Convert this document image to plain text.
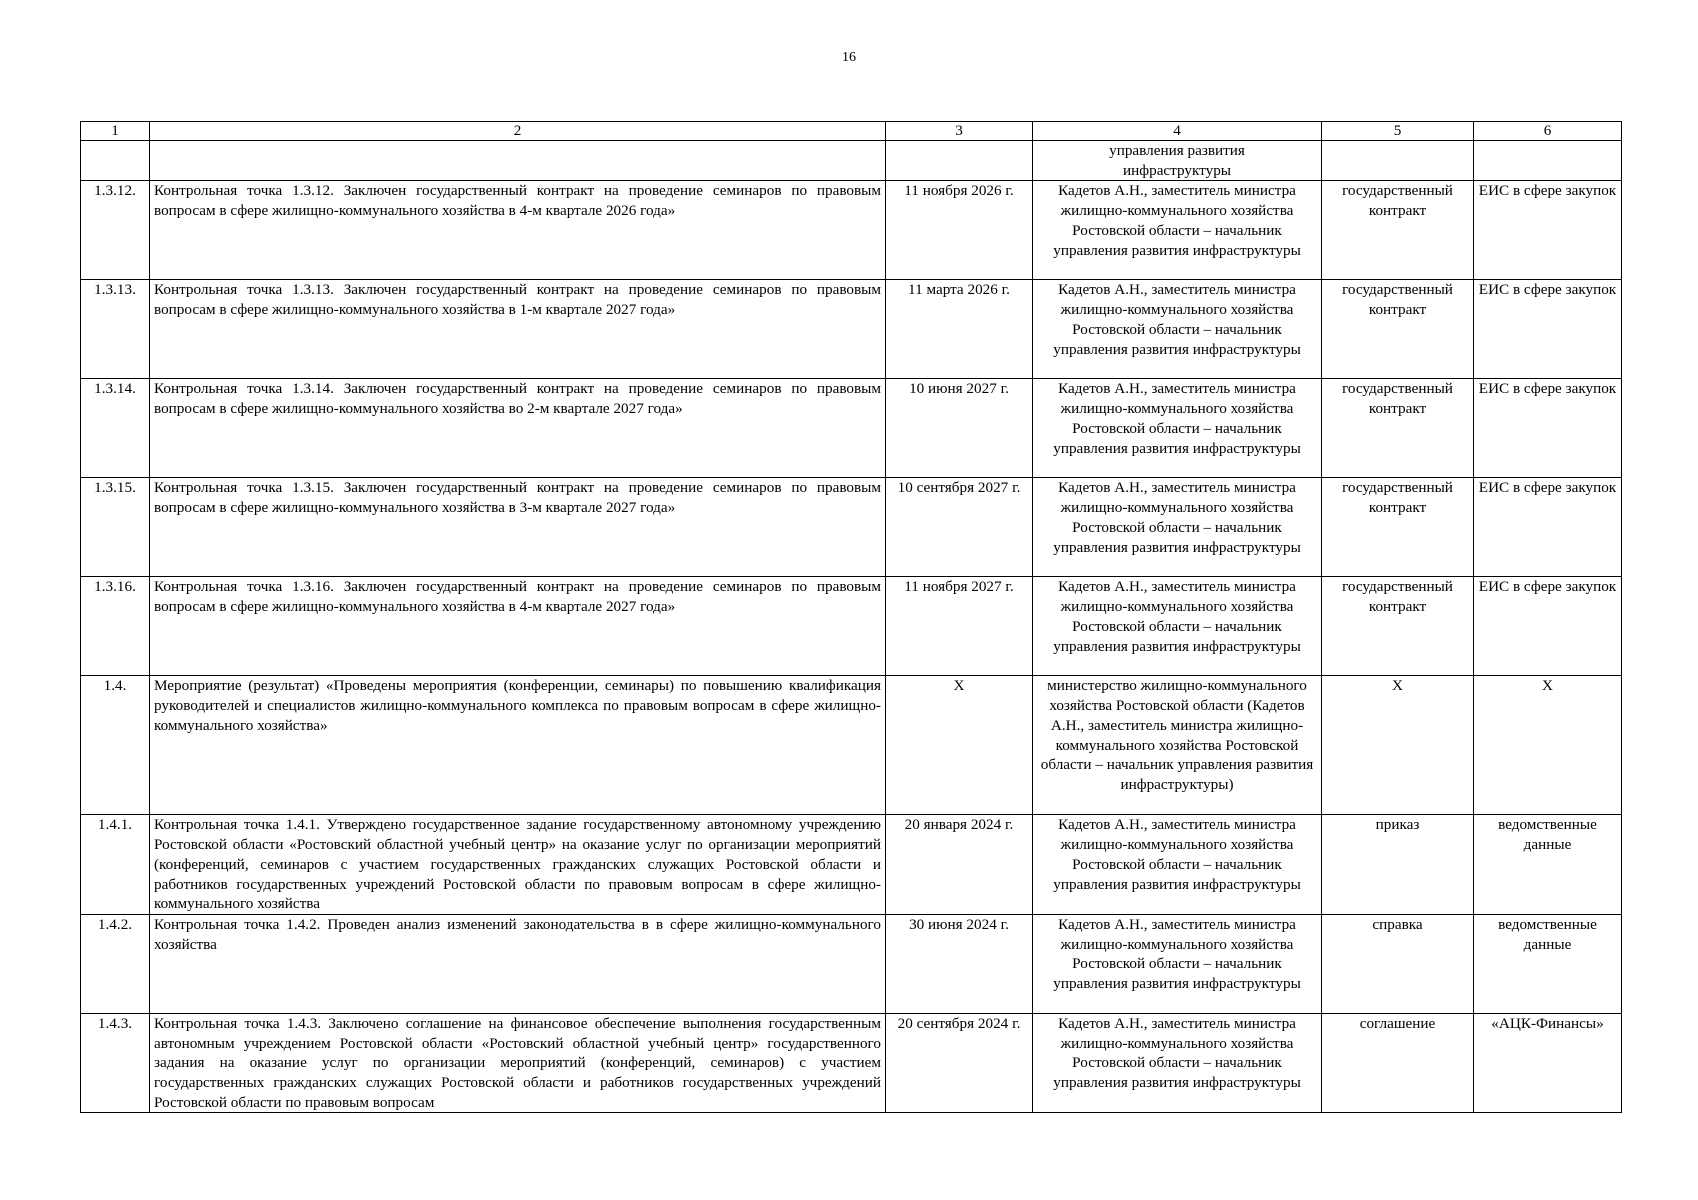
16
1	2	3	4	5	6
			управления развития
инфраструктуры		
1.3.12.	Контрольная точка 1.3.12. Заключен государственный контракт на проведение семинаров по правовым вопросам в сфере жилищно-коммунального хозяйства в 4-м квартале 2026 года»	11 ноября 2026 г.	Кадетов А.Н., заместитель министра жилищно-коммунального хозяйства Ростовской области – начальник управления развития инфраструктуры	государственный контракт	ЕИС в сфере закупок
1.3.13.	Контрольная точка 1.3.13. Заключен государственный контракт на проведение семинаров по правовым вопросам в сфере жилищно-коммунального хозяйства в 1-м квартале 2027 года»	11 марта 2026 г.	Кадетов А.Н., заместитель министра жилищно-коммунального хозяйства Ростовской области – начальник управления развития инфраструктуры	государственный контракт	ЕИС в сфере закупок
1.3.14.	Контрольная точка 1.3.14. Заключен государственный контракт на проведение семинаров по правовым вопросам в сфере жилищно-коммунального хозяйства во 2-м квартале 2027 года»	10 июня 2027 г.	Кадетов А.Н., заместитель министра жилищно-коммунального хозяйства Ростовской области – начальник управления развития инфраструктуры	государственный контракт	ЕИС в сфере закупок
1.3.15.	Контрольная точка 1.3.15. Заключен государственный контракт на проведение семинаров по правовым вопросам в сфере жилищно-коммунального хозяйства в 3-м квартале 2027 года»	10 сентября 2027 г.	Кадетов А.Н., заместитель министра жилищно-коммунального хозяйства Ростовской области – начальник управления развития инфраструктуры	государственный контракт	ЕИС в сфере закупок
1.3.16.	Контрольная точка 1.3.16. Заключен государственный контракт на проведение семинаров по правовым вопросам в сфере жилищно-коммунального хозяйства в 4-м квартале 2027 года»	11 ноября 2027 г.	Кадетов А.Н., заместитель министра жилищно-коммунального хозяйства Ростовской области – начальник управления развития инфраструктуры	государственный контракт	ЕИС в сфере закупок
1.4.	Мероприятие (результат) «Проведены мероприятия (конференции, семинары) по повышению квалификация руководителей и специалистов жилищно-коммунального комплекса по правовым вопросам в сфере жилищно-коммунального хозяйства»	X	министерство жилищно-коммунального хозяйства Ростовской области (Кадетов А.Н., заместитель министра жилищно-коммунального хозяйства Ростовской области – начальник управления развития инфраструктуры)	X	X
1.4.1.	Контрольная точка 1.4.1. Утверждено государственное задание государственному автономному учреждению Ростовской области «Ростовский областной учебный центр» на оказание услуг по организации мероприятий (конференций, семинаров с участием государственных гражданских служащих Ростовской области и работников государственных учреждений Ростовской области по правовым вопросам в сфере жилищно-коммунального хозяйства	20 января 2024 г.	Кадетов А.Н., заместитель министра жилищно-коммунального хозяйства Ростовской области – начальник управления развития инфраструктуры	приказ	ведомственные данные
1.4.2.	Контрольная точка 1.4.2. Проведен анализ изменений законодательства в в сфере жилищно-коммунального хозяйства	30 июня 2024 г.	Кадетов А.Н., заместитель министра жилищно-коммунального хозяйства Ростовской области – начальник управления развития инфраструктуры	справка	ведомственные данные
1.4.3.	Контрольная точка 1.4.3. Заключено соглашение на финансовое обеспечение выполнения государственным автономным учреждением Ростовской области «Ростовский областной учебный центр» государственного задания на оказание услуг по организации мероприятий (конференций, семинаров) с участием государственных гражданских служащих Ростовской области и работников государственных учреждений Ростовской области по правовым вопросам	20 сентября 2024 г.	Кадетов А.Н., заместитель министра жилищно-коммунального хозяйства Ростовской области – начальник управления развития инфраструктуры	соглашение	«АЦК-Финансы»
